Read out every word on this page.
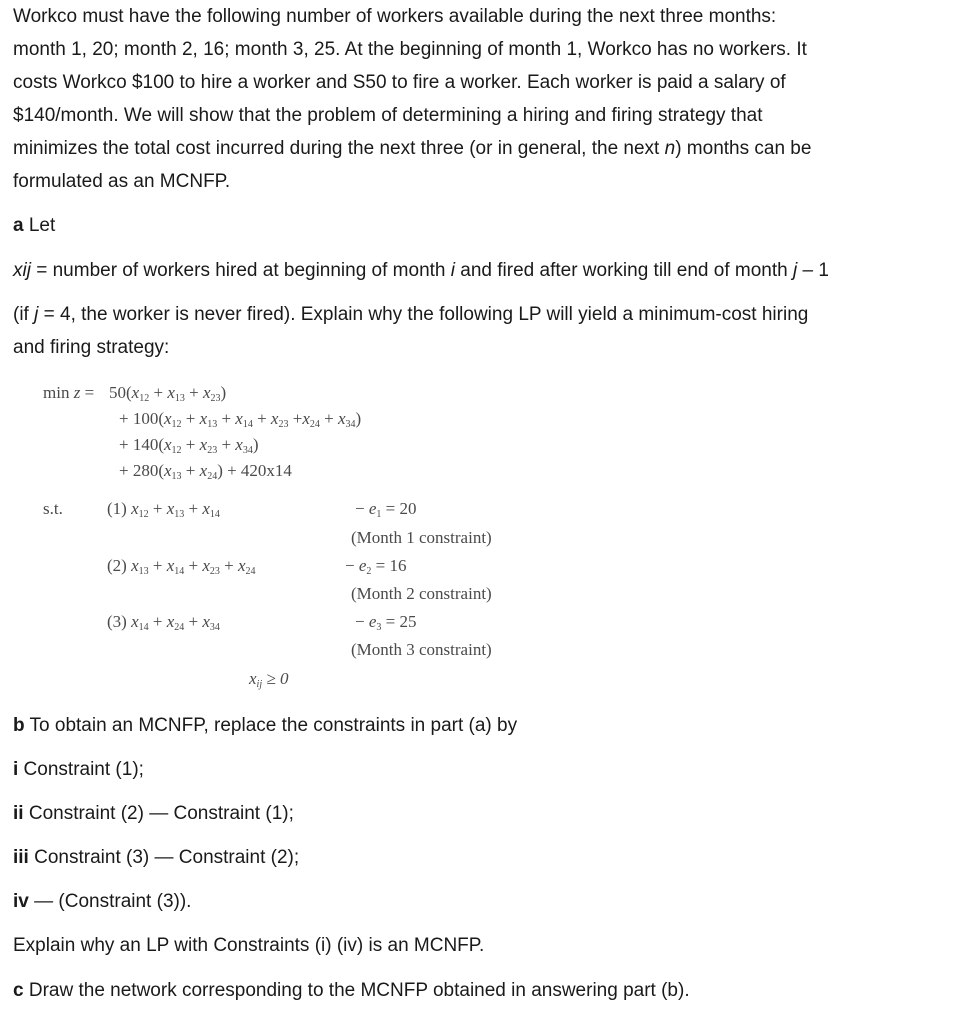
Workco must have the following number of workers available during the next three months:
month 1, 20; month 2, 16; month 3, 25. At the beginning of month 1, Workco has no workers. It
costs Workco $100 to hire a worker and S50 to fire a worker. Each worker is paid a salary of
$140/month. We will show that the problem of determining a hiring and firing strategy that
minimizes the total cost incurred during the next three (or in general, the next n) months can be
formulated as an MCNFP.
a Let
xij = number of workers hired at beginning of month i and fired after working till end of month j – 1
(if j = 4, the worker is never fired). Explain why the following LP will yield a minimum-cost hiring
and firing strategy:
$\min z = 50(x_{12} + x_{13} + x_{23})$
+ $100(x_{12} + x_{13} + x_{14} + x_{23} +x_{24} + x_{34})$
+ $140(x_{12} + x_{23} + x_{34})$
+ $280(x_{13} + x_{24}) + 420x14$
s.t.	(1) $x_{12} + x_{13} + x_{14}$	− $e_1 = 20$
(Month 1 constraint)
(2) $x_{13} + x_{14} + x_{23} + x_{24}$	− $e_2 = 16$
(Month 2 constraint)
(3) $x_{14} + x_{24} + x_{34}$	− $e_3 = 25$
(Month 3 constraint)
$x_{ij} \ge 0$
b To obtain an MCNFP, replace the constraints in part (a) by
i Constraint (1);
ii Constraint (2) — Constraint (1);
iii Constraint (3) — Constraint (2);
iv — (Constraint (3)).
Explain why an LP with Constraints (i) (iv) is an MCNFP.
c Draw the network corresponding to the MCNFP obtained in answering part (b).
